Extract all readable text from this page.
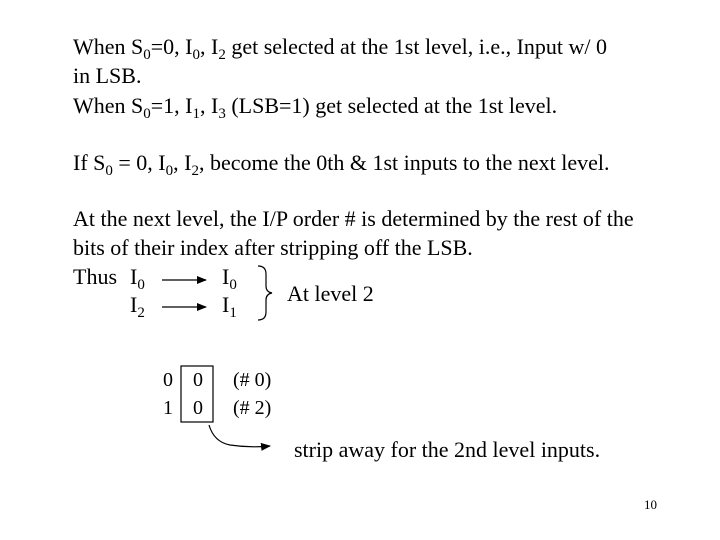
When $S_0=0$, $I_0$, $I_2$ get selected at the 1st level, i.e., Input w/ 0
in LSB.
When $S_0=1$, $I_1$, $I_3$ (LSB=1) get selected at the 1st level.
If $S_0 = 0$, $I_0$, $I_2$, become the 0th & 1st inputs to the next level.
At the next level, the I/P order # is determined by the rest of the
bits of their index after stripping off the LSB.
Thus $I_0$	$I_0$
$I_2$	$I_1$
At level 2
0 0 (# 0)
1 0 (# 2)
strip away for the 2nd level inputs.
10
